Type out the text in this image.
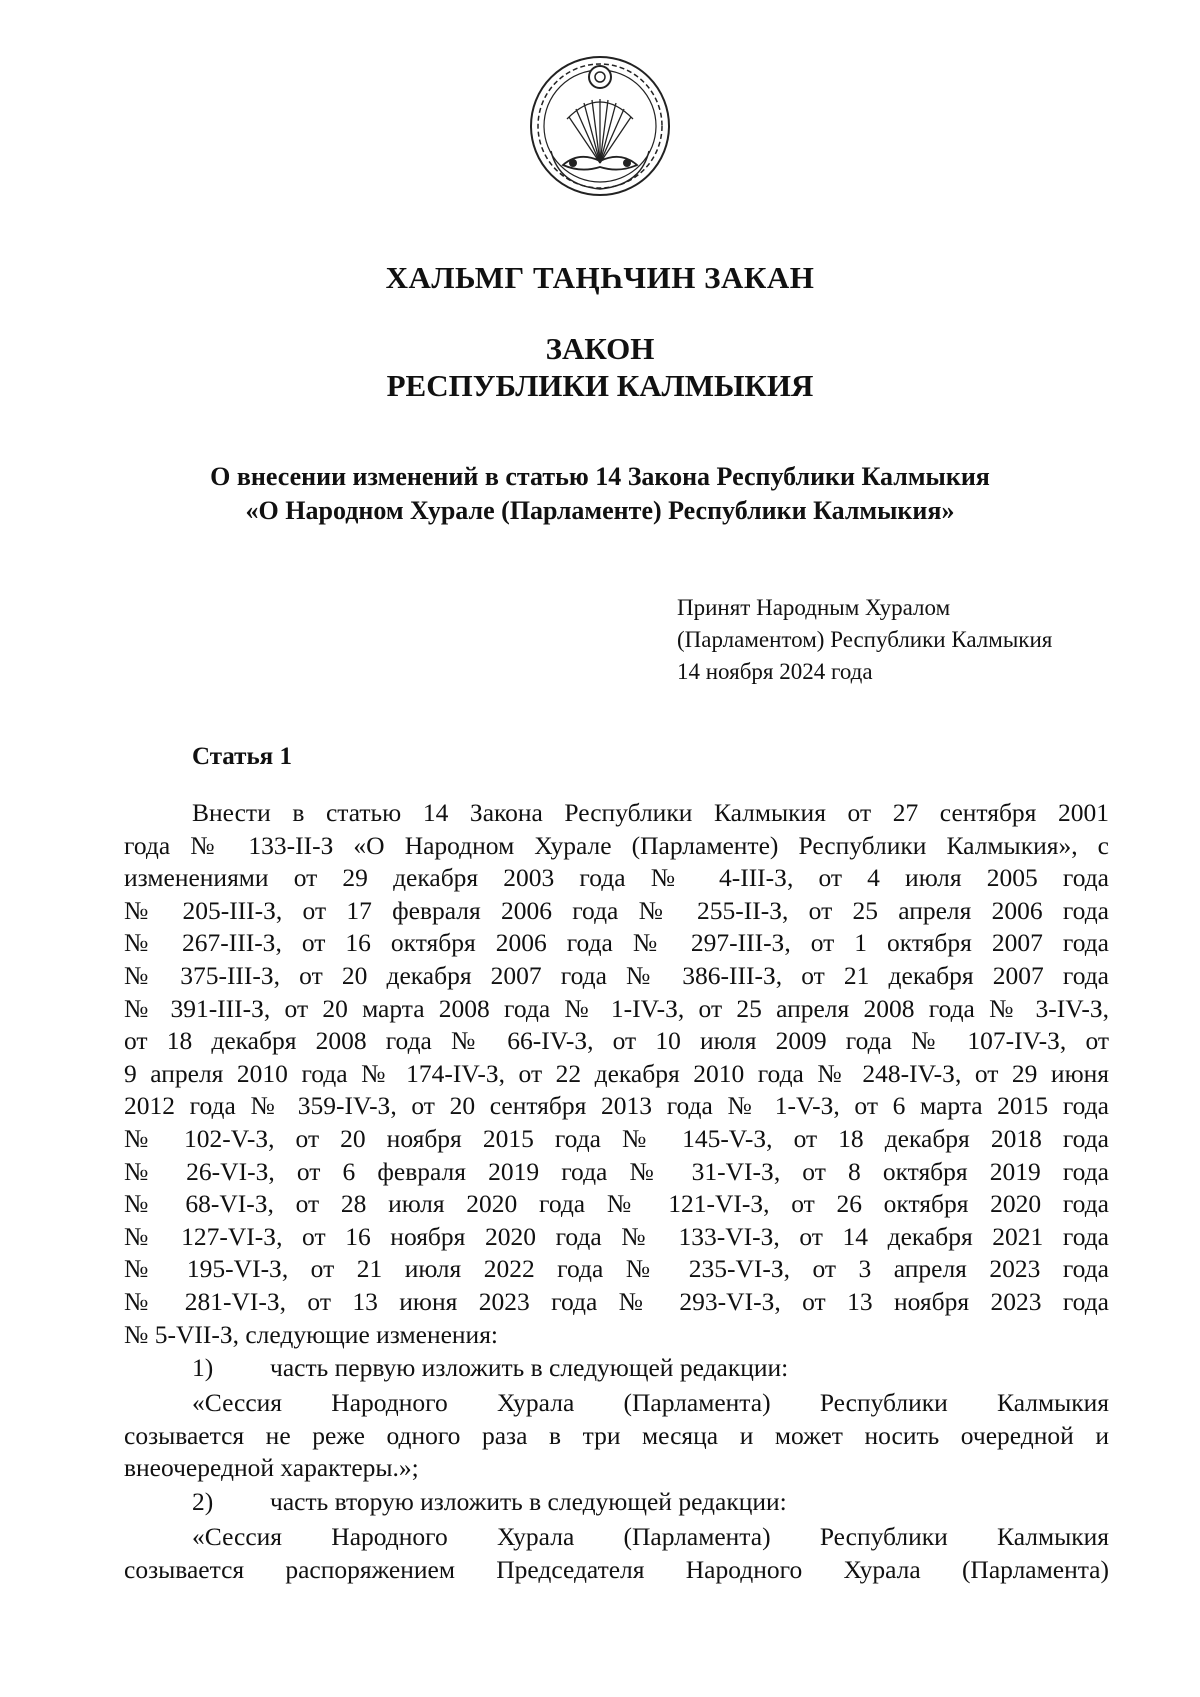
ХАЛЬМГ ТАҢҺЧИН ЗАКАН
ЗАКОН
РЕСПУБЛИКИ КАЛМЫКИЯ
О внесении изменений в статью 14 Закона Республики Калмыкия
«О Народном Хурале (Парламенте) Республики Калмыкия»
Принят Народным Хуралом
(Парламентом) Республики Калмыкия
14 ноября 2024 года
Статья 1
Внести в статью 14 Закона Республики Калмыкия от 27 сентября 2001
года № 133-II-З «О Народном Хурале (Парламенте) Республики Калмыкия», с
изменениями от 29 декабря 2003 года № 4-III-З, от 4 июля 2005 года
№ 205-III-З, от 17 февраля 2006 года № 255-II-З, от 25 апреля 2006 года
№ 267-III-З, от 16 октября 2006 года № 297-III-З, от 1 октября 2007 года
№ 375-III-З, от 20 декабря 2007 года № 386-III-З, от 21 декабря 2007 года
№ 391-III-З, от 20 марта 2008 года № 1-IV-З, от 25 апреля 2008 года № 3-IV-З,
от 18 декабря 2008 года № 66-IV-З, от 10 июля 2009 года № 107-IV-З, от
9 апреля 2010 года № 174-IV-З, от 22 декабря 2010 года № 248-IV-З, от 29 июня
2012 года № 359-IV-З, от 20 сентября 2013 года № 1-V-З, от 6 марта 2015 года
№ 102-V-З, от 20 ноября 2015 года № 145-V-З, от 18 декабря 2018 года
№ 26-VI-З, от 6 февраля 2019 года № 31-VI-З, от 8 октября 2019 года
№ 68-VI-З, от 28 июля 2020 года № 121-VI-З, от 26 октября 2020 года
№ 127-VI-З, от 16 ноября 2020 года № 133-VI-З, от 14 декабря 2021 года
№ 195-VI-З, от 21 июля 2022 года № 235-VI-З, от 3 апреля 2023 года
№ 281-VI-З, от 13 июня 2023 года № 293-VI-З, от 13 ноября 2023 года
№ 5-VII-З, следующие изменения:
1) часть первую изложить в следующей редакции:
«Сессия Народного Хурала (Парламента) Республики Калмыкия
созывается не реже одного раза в три месяца и может носить очередной и
внеочередной характеры.»;
2) часть вторую изложить в следующей редакции:
«Сессия Народного Хурала (Парламента) Республики Калмыкия
созывается распоряжением Председателя Народного Хурала (Парламента)
